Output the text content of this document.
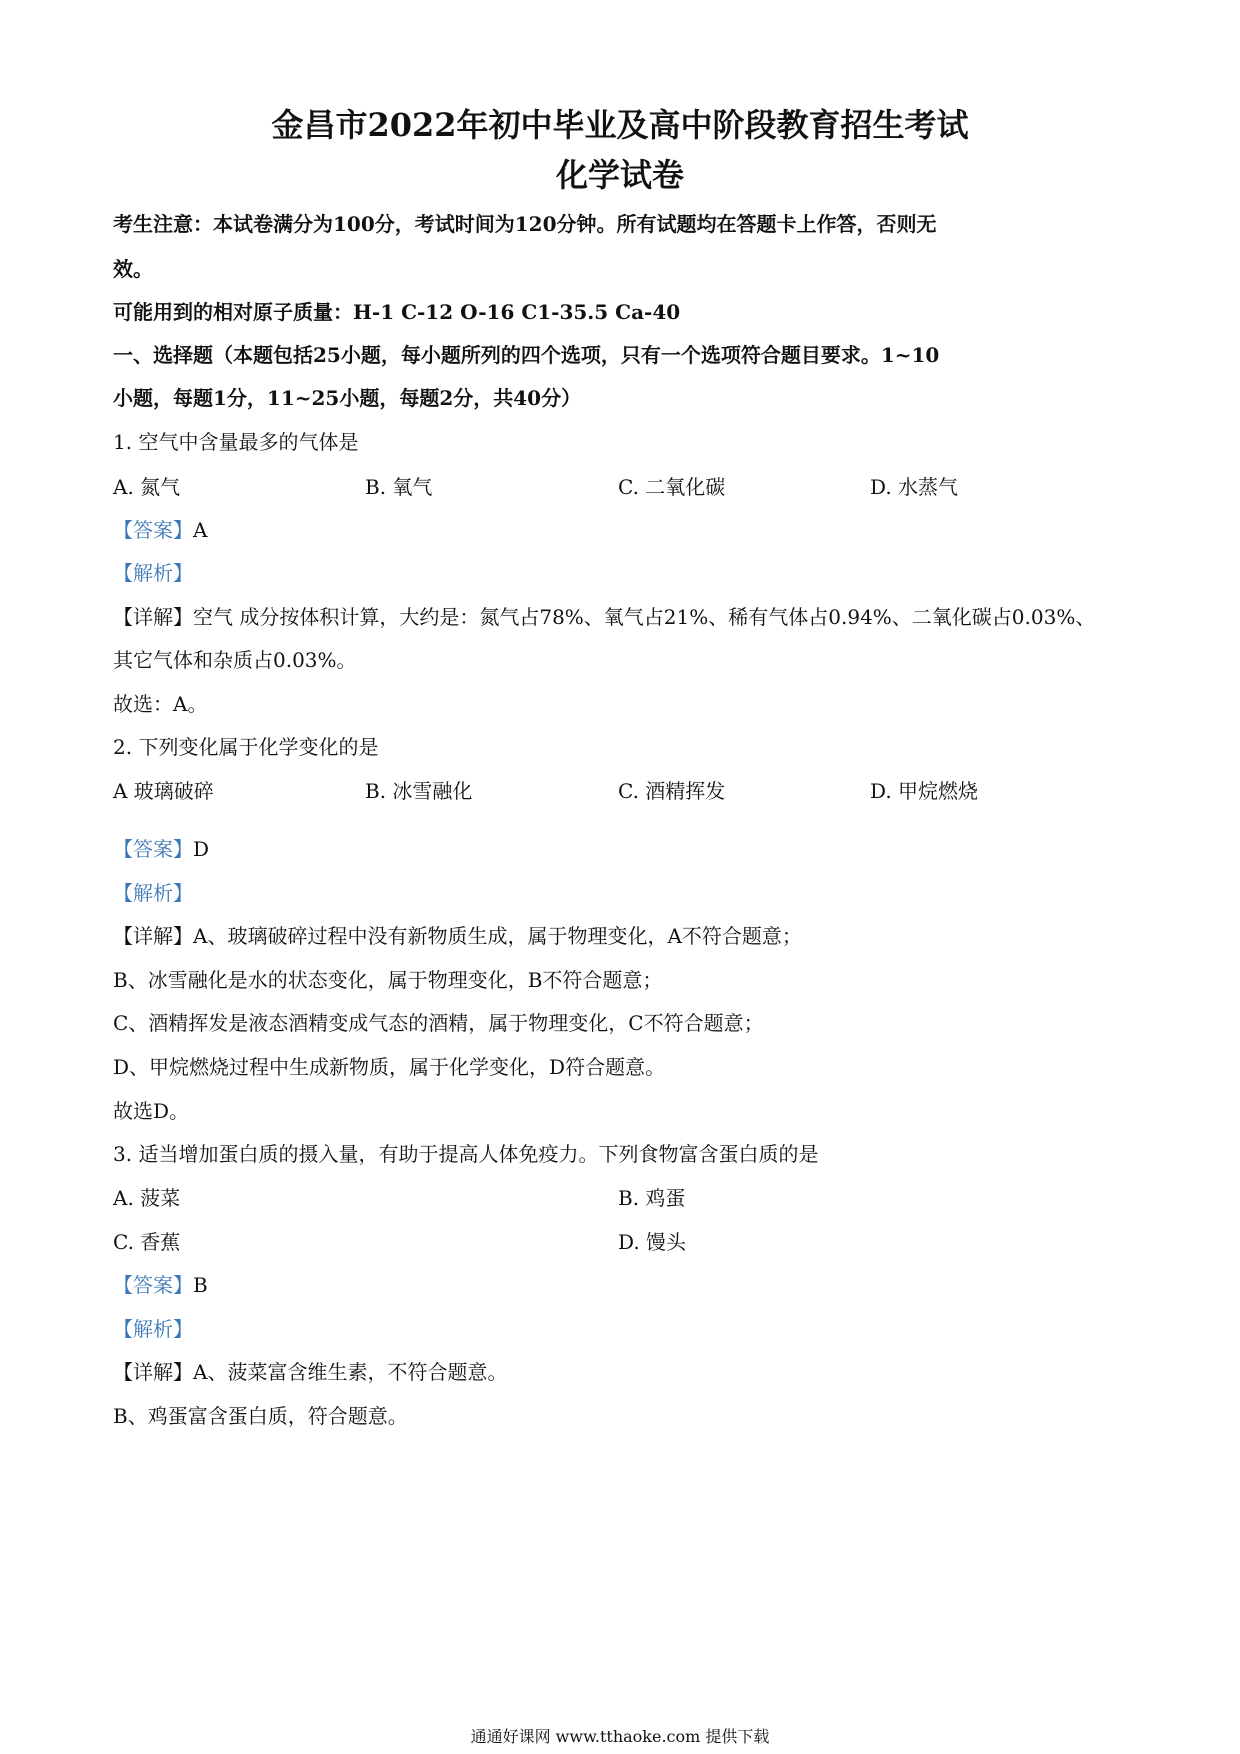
金昌市2022年初中毕业及高中阶段教育招生考试
化学试卷
考生注意：本试卷满分为100分，考试时间为120分钟。所有试题均在答题卡上作答，否则无
效。
可能用到的相对原子质量：H-1 C-12 O-16 C1-35.5 Ca-40
一、选择题（本题包括25小题，每小题所列的四个选项，只有一个选项符合题目要求。1~10
小题，每题1分，11~25小题，每题2分，共40分）
1. 空气中含量最多的气体是
A. 氮气	B. 氧气	C. 二氧化碳	D. 水蒸气
【答案】A
【解析】
【详解】空气 成分按体积计算，大约是：氮气占78%、氧气占21%、稀有气体占0.94%、二氧化碳占0.03%、
其它气体和杂质占0.03%。
故选：A。
2. 下列变化属于化学变化的是
A 玻璃破碎	B. 冰雪融化	C. 酒精挥发	D. 甲烷燃烧
【答案】D
【解析】
【详解】A、玻璃破碎过程中没有新物质生成，属于物理变化，A不符合题意；
B、冰雪融化是水的状态变化，属于物理变化，B不符合题意；
C、酒精挥发是液态酒精变成气态的酒精，属于物理变化，C不符合题意；
D、甲烷燃烧过程中生成新物质，属于化学变化，D符合题意。
故选D。
3. 适当增加蛋白质的摄入量，有助于提高人体免疫力。下列食物富含蛋白质的是
A. 菠菜	B. 鸡蛋
C. 香蕉	D. 馒头
【答案】B
【解析】
【详解】A、菠菜富含维生素，不符合题意。
B、鸡蛋富含蛋白质，符合题意。
通通好课网 www.tthaoke.com 提供下载
